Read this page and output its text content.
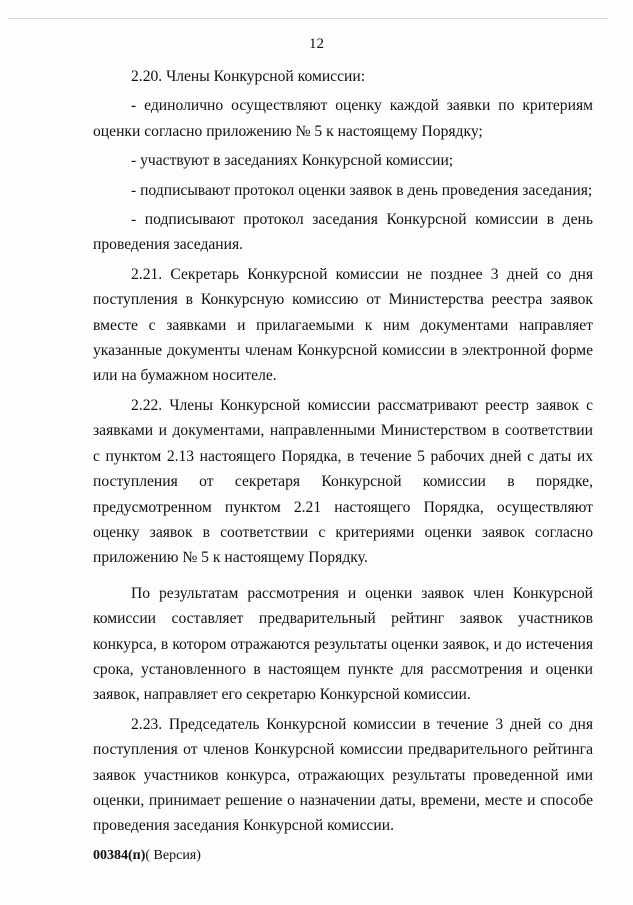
12

2.20. Члены Конкурсной комиссии:

- единолично осуществляют оценку каждой заявки по критериям оценки согласно приложению № 5 к настоящему Порядку;

- участвуют в заседаниях Конкурсной комиссии;

- подписывают протокол оценки заявок в день проведения заседания;

- подписывают протокол заседания Конкурсной комиссии в день проведения заседания.

2.21. Секретарь Конкурсной комиссии не позднее 3 дней со дня поступления в Конкурсную комиссию от Министерства реестра заявок вместе с заявками и прилагаемыми к ним документами направляет указанные документы членам Конкурсной комиссии в электронной форме или на бумажном носителе.

2.22. Члены Конкурсной комиссии рассматривают реестр заявок с заявками и документами, направленными Министерством в соответствии с пунктом 2.13 настоящего Порядка, в течение 5 рабочих дней с даты их поступления от секретаря Конкурсной комиссии в порядке, предусмотренном пунктом 2.21 настоящего Порядка, осуществляют оценку заявок в соответствии с критериями оценки заявок согласно приложению № 5 к настоящему Порядку.

По результатам рассмотрения и оценки заявок член Конкурсной комиссии составляет предварительный рейтинг заявок участников конкурса, в котором отражаются результаты оценки заявок, и до истечения срока, установленного в настоящем пункте для рассмотрения и оценки заявок, направляет его секретарю Конкурсной комиссии.

2.23. Председатель Конкурсной комиссии в течение 3 дней со дня поступления от членов Конкурсной комиссии предварительного рейтинга заявок участников конкурса, отражающих результаты проведенной ими оценки, принимает решение о назначении даты, времени, месте и способе проведения заседания Конкурсной комиссии.

00384(п)( Версия)
